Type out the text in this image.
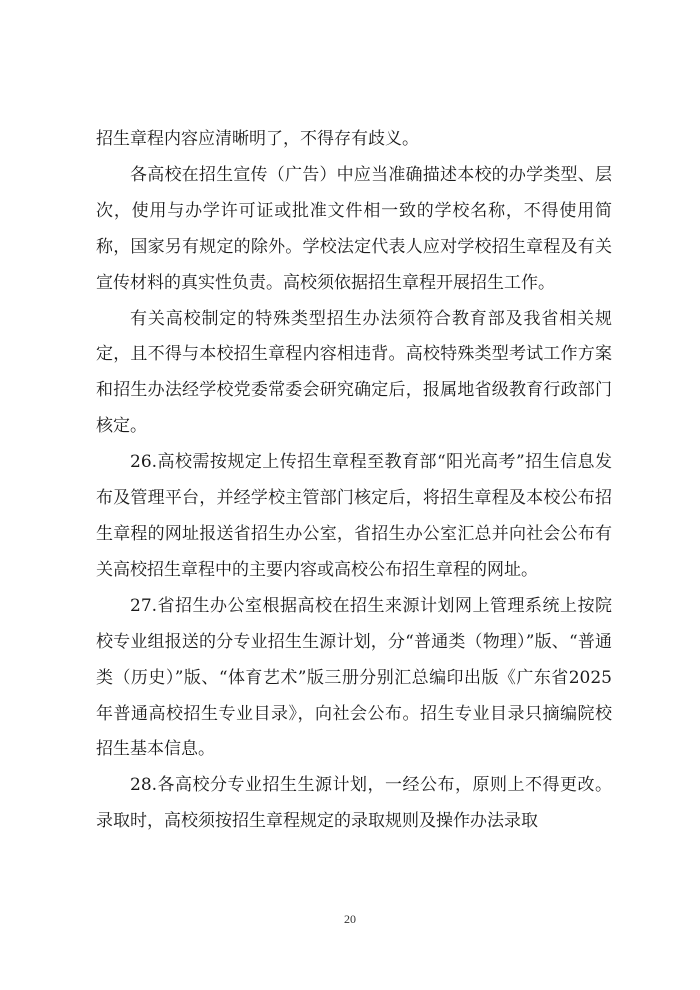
招生章程内容应清晰明了，不得存有歧义。

各高校在招生宣传（广告）中应当准确描述本校的办学类型、层次，使用与办学许可证或批准文件相一致的学校名称，不得使用简称，国家另有规定的除外。学校法定代表人应对学校招生章程及有关宣传材料的真实性负责。高校须依据招生章程开展招生工作。

有关高校制定的特殊类型招生办法须符合教育部及我省相关规定，且不得与本校招生章程内容相违背。高校特殊类型考试工作方案和招生办法经学校党委常委会研究确定后，报属地省级教育行政部门核定。

26.高校需按规定上传招生章程至教育部“阳光高考”招生信息发布及管理平台，并经学校主管部门核定后，将招生章程及本校公布招生章程的网址报送省招生办公室，省招生办公室汇总并向社会公布有关高校招生章程中的主要内容或高校公布招生章程的网址。

27.省招生办公室根据高校在招生来源计划网上管理系统上按院校专业组报送的分专业招生生源计划，分“普通类（物理）”版、“普通类（历史）”版、“体育艺术”版三册分别汇总编印出版《广东省2025年普通高校招生专业目录》，向社会公布。招生专业目录只摘编院校招生基本信息。

28.各高校分专业招生生源计划，一经公布，原则上不得更改。录取时，高校须按招生章程规定的录取规则及操作办法录取

20
